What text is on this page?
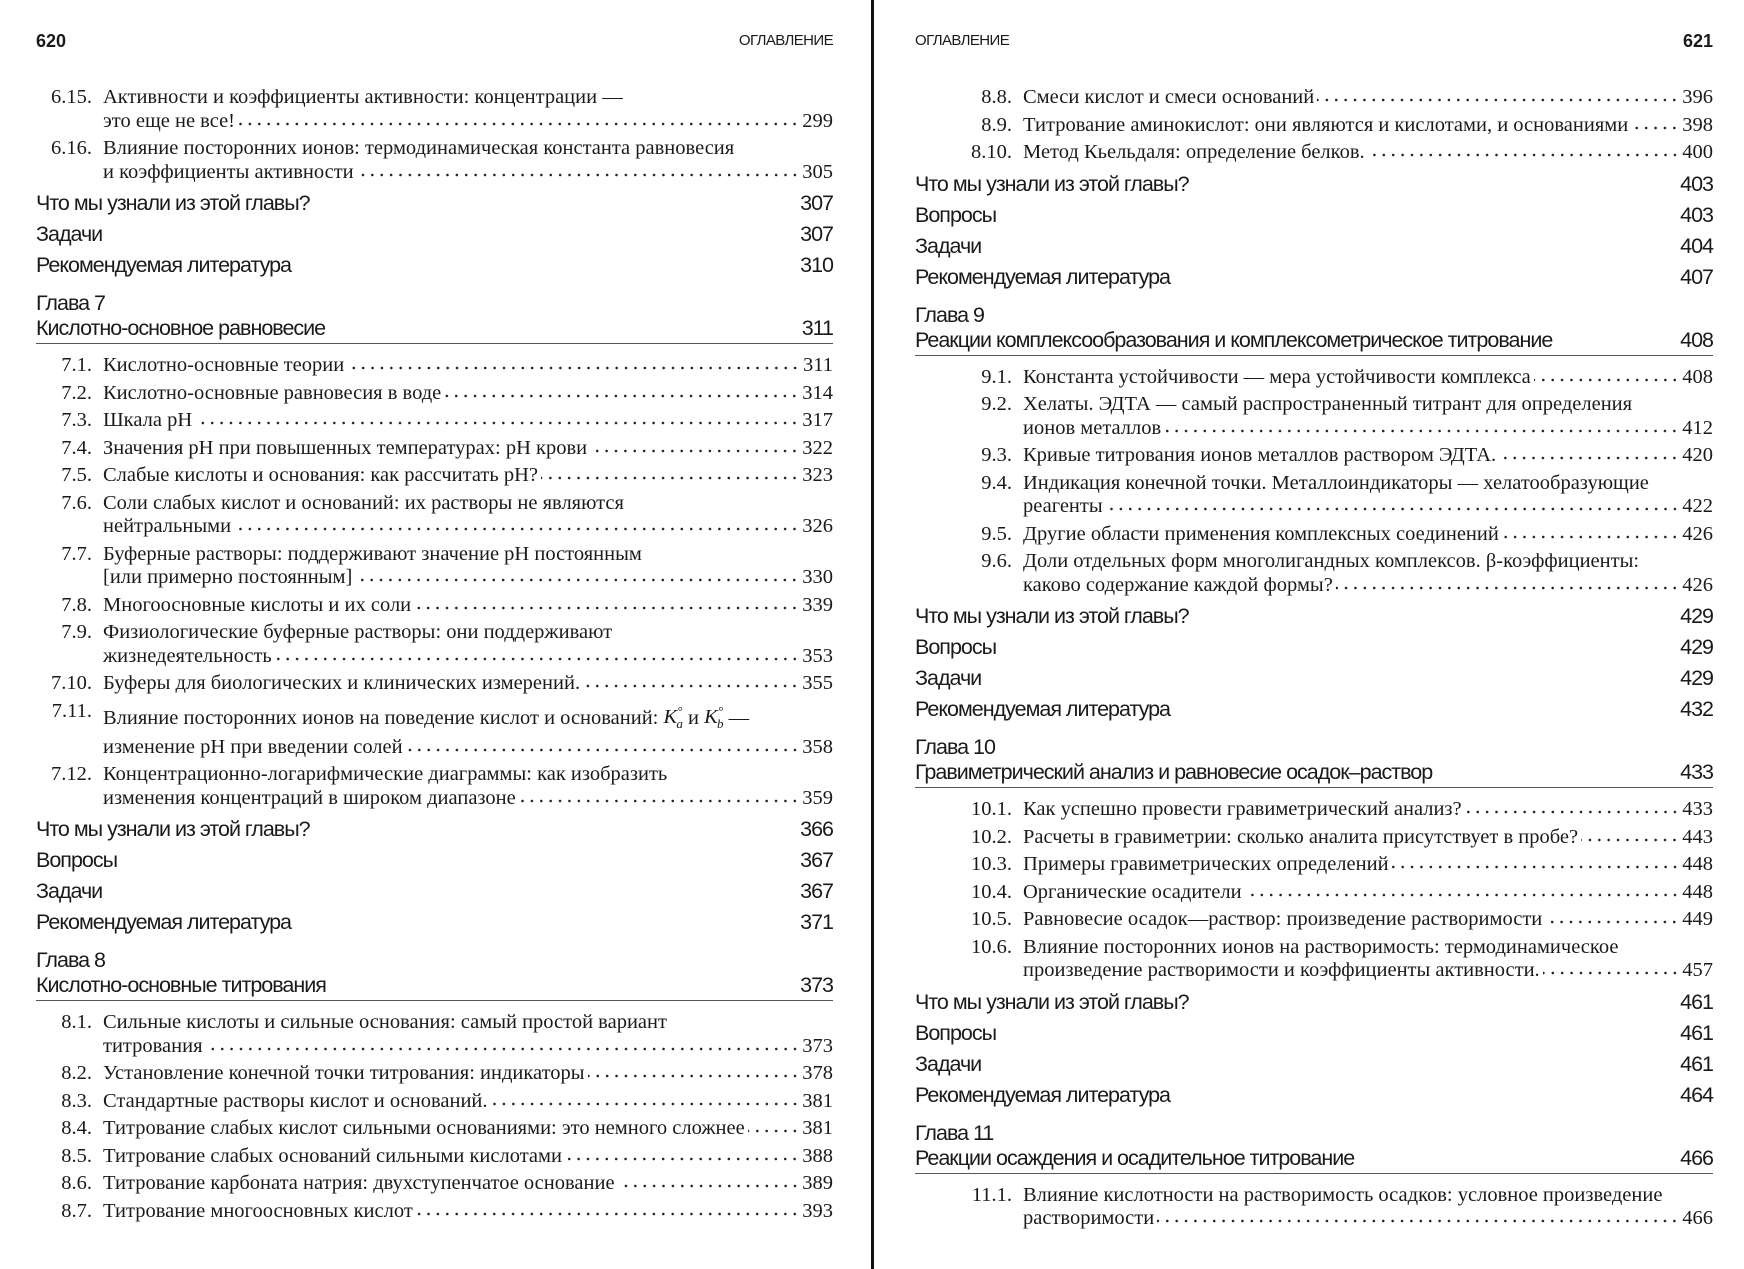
620	ОГЛАВЛЕНИЕ
6.15. Активности и коэффициенты активности: концентрации —
это еще не все!	299
6.16. Влияние посторонних ионов: термодинамическая константа равновесия
и коэффициенты активности	305
Что мы узнали из этой главы?	307
Задачи	307
Рекомендуемая литература	310
Глава 7
Кислотно-основное равновесие	311
7.1. Кислотно-основные теории	311
7.2. Кислотно-основные равновесия в воде	314
7.3. Шкала pH	317
7.4. Значения pH при повышенных температурах: pH крови	322
7.5. Слабые кислоты и основания: как рассчитать pH?	323
7.6. Соли слабых кислот и оснований: их растворы не являются
нейтральными	326
7.7. Буферные растворы: поддерживают значение pH постоянным
[или примерно постоянным]	330
7.8. Многоосновные кислоты и их соли	339
7.9. Физиологические буферные растворы: они поддерживают
жизнедеятельность	353
7.10. Буферы для биологических и клинических измерений.	355
7.11. Влияние посторонних ионов на поведение кислот и оснований: $K^\circ_a$ и $K^\circ_b$ —
изменение pH при введении солей	358
7.12. Концентрационно-логарифмические диаграммы: как изобразить
изменения концентраций в широком диапазоне	359
Что мы узнали из этой главы?	366
Вопросы	367
Задачи	367
Рекомендуемая литература	371
Глава 8
Кислотно-основные титрования	373
8.1. Сильные кислоты и сильные основания: самый простой вариант
титрования	373
8.2. Установление конечной точки титрования: индикаторы	378
8.3. Стандартные растворы кислот и оснований.	381
8.4. Титрование слабых кислот сильными основаниями: это немного сложнее	381
8.5. Титрование слабых оснований сильными кислотами	388
8.6. Титрование карбоната натрия: двухступенчатое основание	389
8.7. Титрование многоосновных кислот	393
ОГЛАВЛЕНИЕ	621
8.8. Смеси кислот и смеси оснований	396
8.9. Титрование аминокислот: они являются и кислотами, и основаниями	398
8.10. Метод Кьельдаля: определение белков.	400
Что мы узнали из этой главы?	403
Вопросы	403
Задачи	404
Рекомендуемая литература	407
Глава 9
Реакции комплексообразования и комплексометрическое титрование	408
9.1. Константа устойчивости — мера устойчивости комплекса	408
9.2. Хелаты. ЭДТА — самый распространенный титрант для определения
ионов металлов	412
9.3. Кривые титрования ионов металлов раствором ЭДТА.	420
9.4. Индикация конечной точки. Металлоиндикаторы — хелатообразующие
реагенты	422
9.5. Другие области применения комплексных соединений	426
9.6. Доли отдельных форм многолигандных комплексов. β-коэффициенты:
каково содержание каждой формы?	426
Что мы узнали из этой главы?	429
Вопросы	429
Задачи	429
Рекомендуемая литература	432
Глава 10
Гравиметрический анализ и равновесие осадок–раствор	433
10.1. Как успешно провести гравиметрический анализ?	433
10.2. Расчеты в гравиметрии: сколько аналита присутствует в пробе?	443
10.3. Примеры гравиметрических определений	448
10.4. Органические осадители	448
10.5. Равновесие осадок—раствор: произведение растворимости	449
10.6. Влияние посторонних ионов на растворимость: термодинамическое
произведение растворимости и коэффициенты активности.	457
Что мы узнали из этой главы?	461
Вопросы	461
Задачи	461
Рекомендуемая литература	464
Глава 11
Реакции осаждения и осадительное титрование	466
11.1. Влияние кислотности на растворимость осадков: условное произведение
растворимости	466
